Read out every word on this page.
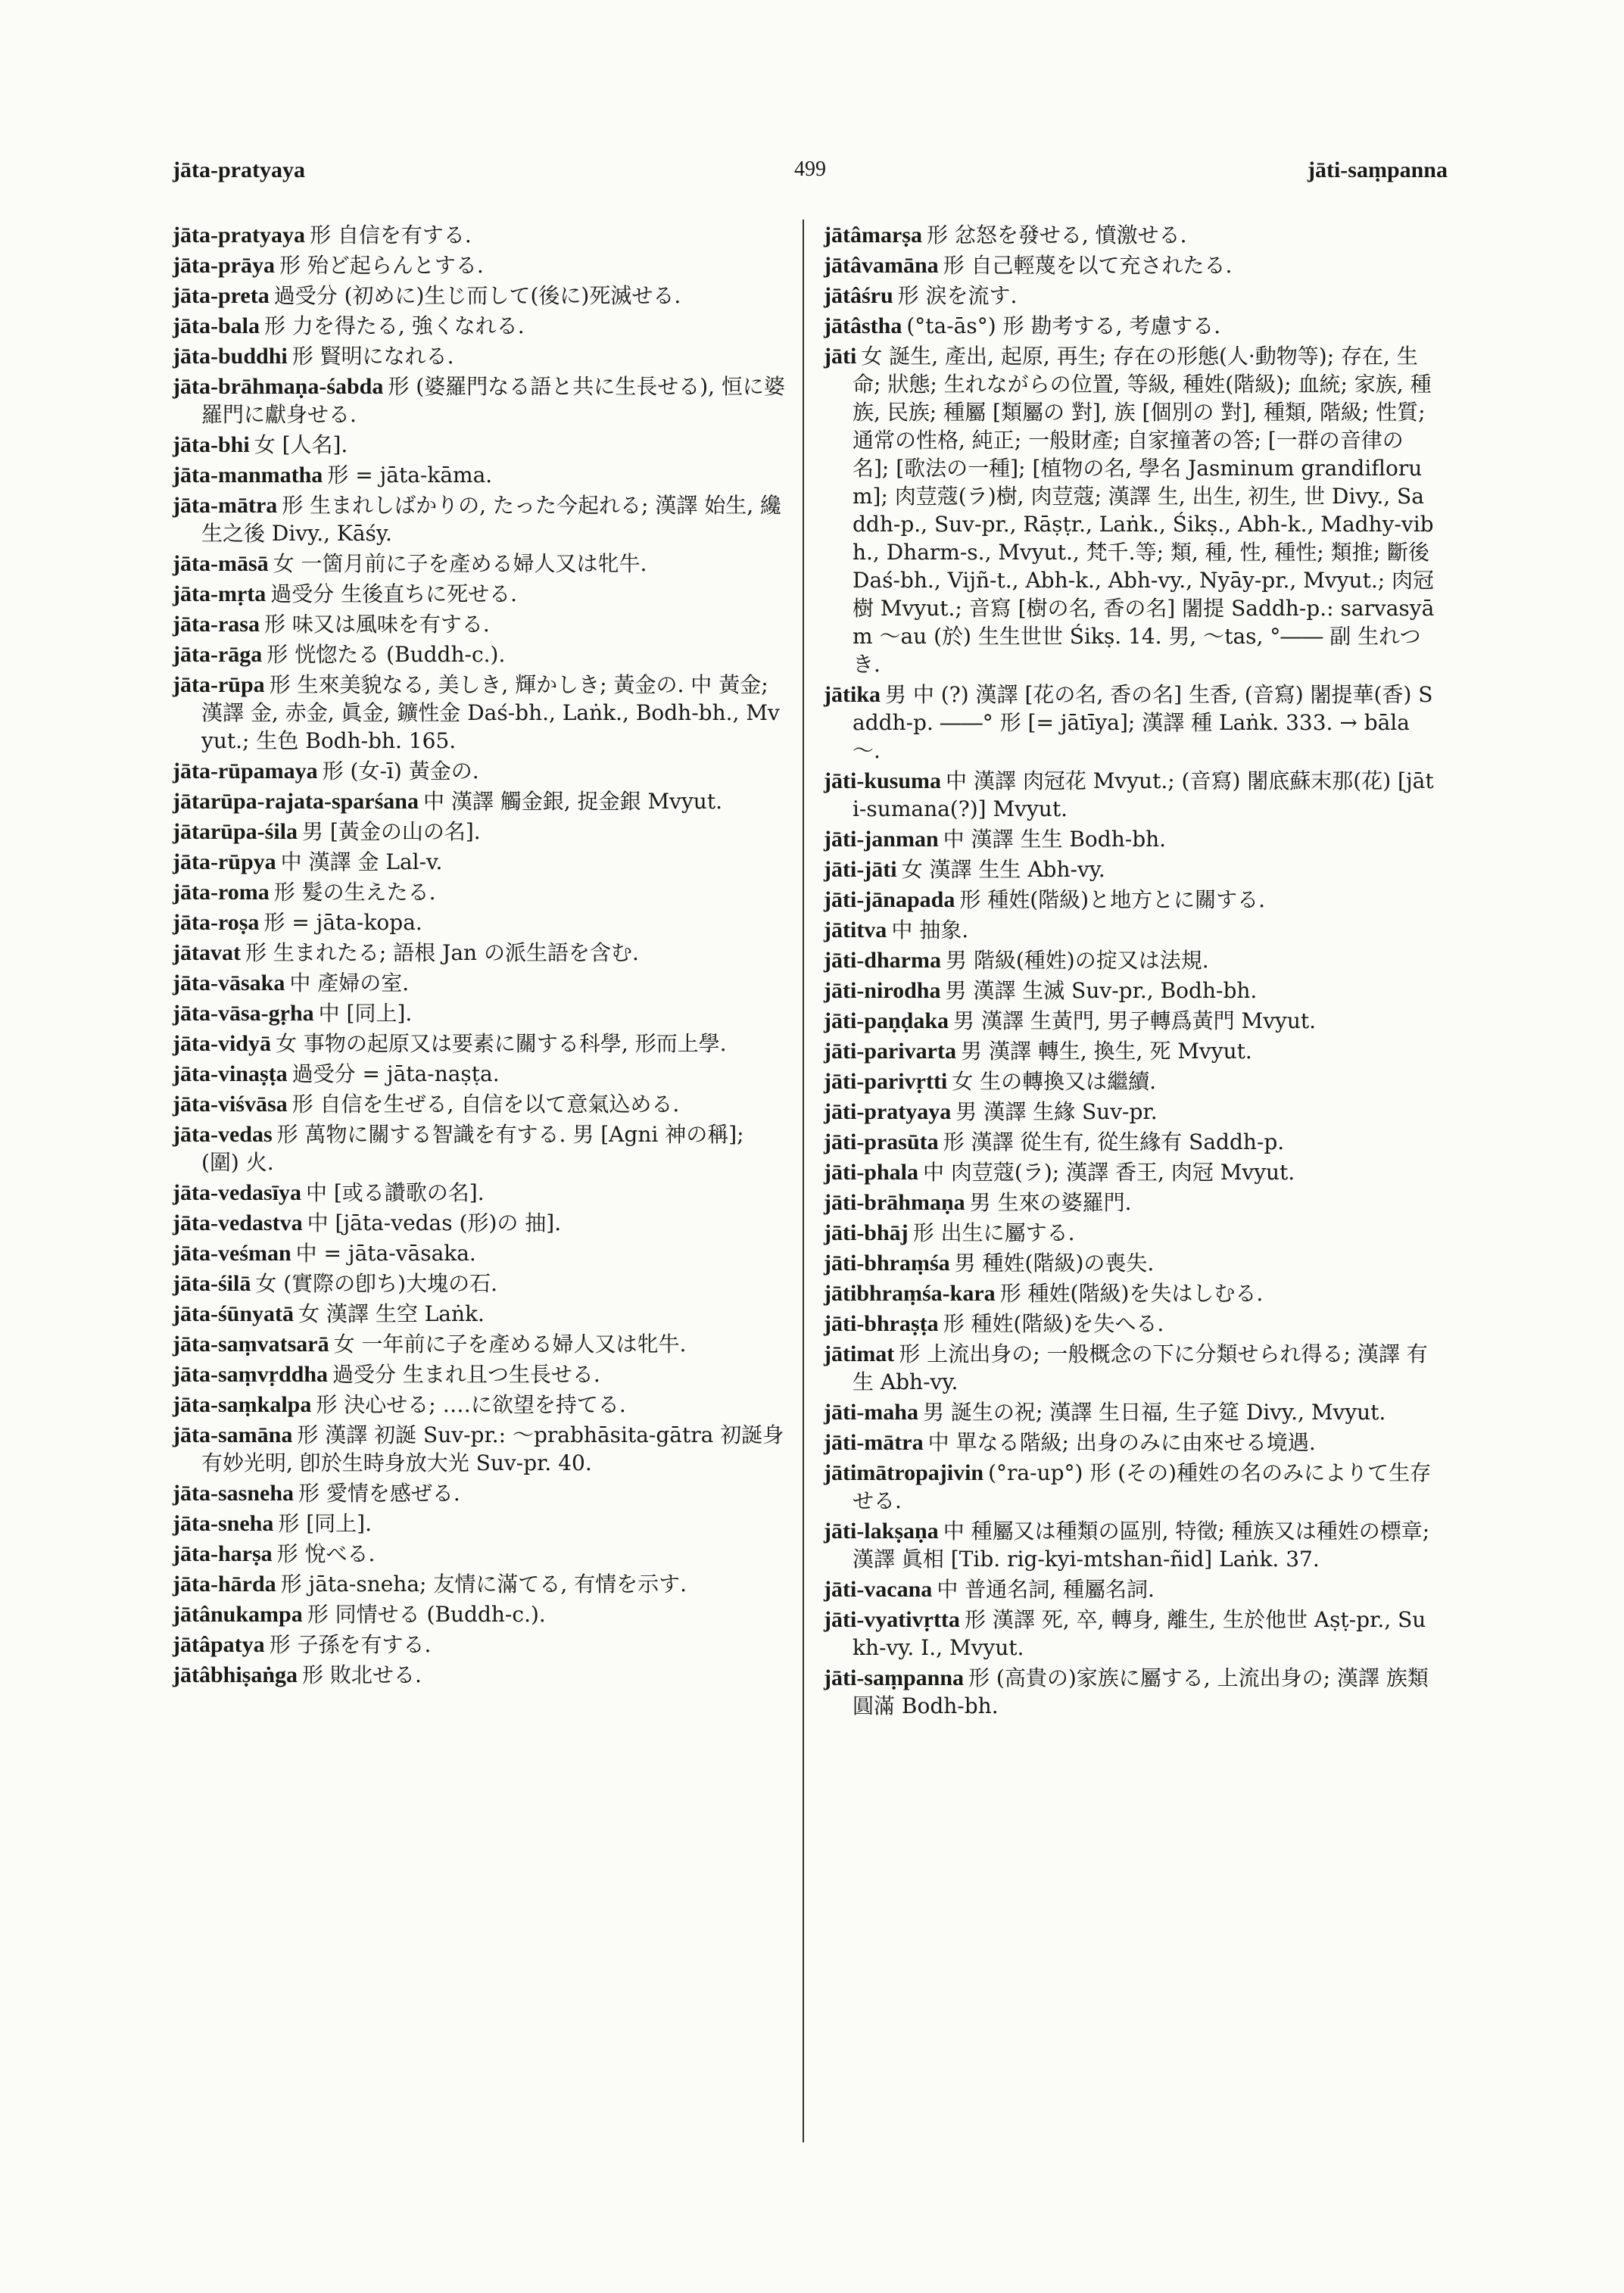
jāta-pratyaya	499	jāti-saṃpanna
jāta-pratyaya 形 自信を有する.
jāta-prāya 形 殆ど起らんとする.
jāta-preta 過受分 (初めに)生じ而して(後に)死滅せる.
jāta-bala 形 力を得たる, 強くなれる.
jāta-buddhi 形 賢明になれる.
jāta-brāhmaṇa-śabda 形 (婆羅門なる語と共に生長せる), 恒に婆羅門に獻身せる.
jāta-bhi 女 [人名].
jāta-manmatha 形 = jāta-kāma.
jāta-mātra 形 生まれしばかりの, たった今起れる; 漢譯 始生, 纔生之後 Divy., Kāśy.
jāta-māsā 女 一箇月前に子を產める婦人又は牝牛.
jāta-mṛta 過受分 生後直ちに死せる.
jāta-rasa 形 味又は風味を有する.
jāta-rāga 形 恍惚たる (Buddh-c.).
jāta-rūpa 形 生來美貌なる, 美しき, 輝かしき; 黃金の. 中 黃金; 漢譯 金, 赤金, 眞金, 鑛性金 Daś-bh., Laṅk., Bodh-bh., Mvyut.; 生色 Bodh-bh. 165.
jāta-rūpamaya 形 (女-ī) 黃金の.
jātarūpa-rajata-sparśana 中 漢譯 觸金銀, 捉金銀 Mvyut.
jātarūpa-śila 男 [黃金の山の名].
jāta-rūpya 中 漢譯 金 Lal-v.
jāta-roma 形 髮の生えたる.
jāta-roṣa 形 = jāta-kopa.
jātavat 形 生まれたる; 語根 Jan の派生語を含む.
jāta-vāsaka 中 產婦の室.
jāta-vāsa-gṛha 中 [同上].
jāta-vidyā 女 事物の起原又は要素に關する科學, 形而上學.
jāta-vinaṣṭa 過受分 = jāta-naṣṭa.
jāta-viśvāsa 形 自信を生ぜる, 自信を以て意氣込める.
jāta-vedas 形 萬物に關する智識を有する. 男 [Agni 神の稱]; (圍) 火.
jāta-vedasīya 中 [或る讚歌の名].
jāta-vedastva 中 [jāta-vedas (形)の 抽].
jāta-veśman 中 = jāta-vāsaka.
jāta-śilā 女 (實際の卽ち)大塊の石.
jāta-śūnyatā 女 漢譯 生空 Laṅk.
jāta-saṃvatsarā 女 一年前に子を產める婦人又は牝牛.
jāta-saṃvṛddha 過受分 生まれ且つ生長せる.
jāta-saṃkalpa 形 決心せる; ‥‥に欲望を持てる.
jāta-samāna 形 漢譯 初誕 Suv-pr.: ～prabhāsita-gātra 初誕身有妙光明, 卽於生時身放大光 Suv-pr. 40.
jāta-sasneha 形 愛情を感ぜる.
jāta-sneha 形 [同上].
jāta-harṣa 形 悅べる.
jāta-hārda 形 jāta-sneha; 友情に滿てる, 有情を示す.
jātânukampa 形 同情せる (Buddh-c.).
jātâpatya 形 子孫を有する.
jātâbhiṣaṅga 形 敗北せる.
jātâmarṣa 形 忿怒を發せる, 憤激せる.
jātâvamāna 形 自己輕蔑を以て充されたる.
jātâśru 形 涙を流す.
jātâstha (°ta-ās°) 形 勘考する, 考慮する.
jāti 女 誕生, 產出, 起原, 再生; 存在の形態(人·動物等); 存在, 生命; 狀態; 生れながらの位置, 等級, 種姓(階級); 血統; 家族, 種族, 民族; 種屬 [類屬の 對], 族 [個別の 對], 種類, 階級; 性質; 通常の性格, 純正; 一般財產; 自家撞著の答; [一群の音律の名]; [歌法の一種]; [植物の名, 學名 Jasminum grandiflorum]; 肉荳蔻(ラ)樹, 肉荳蔻; 漢譯 生, 出生, 初生, 世 Divy., Saddh-p., Suv-pr., Rāṣṭr., Laṅk., Śikṣ., Abh-k., Madhy-vibh., Dharm-s., Mvyut., 梵千.等; 類, 種, 性, 種性; 類推; 斷後 Daś-bh., Vijñ-t., Abh-k., Abh-vy., Nyāy-pr., Mvyut.; 肉冠樹 Mvyut.; 音寫 [樹の名, 香の名] 闍提 Saddh-p.: sarvasyām ～au (於) 生生世世 Śikṣ. 14. 男, ～tas, °―― 副 生れつき.
jātika 男 中 (?) 漢譯 [花の名, 香の名] 生香, (音寫) 闍提華(香) Saddh-p. ――° 形 [= jātīya]; 漢譯 種 Laṅk. 333. → bāla～.
jāti-kusuma 中 漢譯 肉冠花 Mvyut.; (音寫) 闍底蘇末那(花) [jāti-sumana(?)] Mvyut.
jāti-janman 中 漢譯 生生 Bodh-bh.
jāti-jāti 女 漢譯 生生 Abh-vy.
jāti-jānapada 形 種姓(階級)と地方とに關する.
jātitva 中 抽象.
jāti-dharma 男 階級(種姓)の掟又は法規.
jāti-nirodha 男 漢譯 生滅 Suv-pr., Bodh-bh.
jāti-paṇḍaka 男 漢譯 生黃門, 男子轉爲黃門 Mvyut.
jāti-parivarta 男 漢譯 轉生, 換生, 死 Mvyut.
jāti-parivṛtti 女 生の轉換又は繼續.
jāti-pratyaya 男 漢譯 生緣 Suv-pr.
jāti-prasūta 形 漢譯 從生有, 從生緣有 Saddh-p.
jāti-phala 中 肉荳蔻(ラ); 漢譯 香王, 肉冠 Mvyut.
jāti-brāhmaṇa 男 生來の婆羅門.
jāti-bhāj 形 出生に屬する.
jāti-bhraṃśa 男 種姓(階級)の喪失.
jātibhraṃśa-kara 形 種姓(階級)を失はしむる.
jāti-bhraṣṭa 形 種姓(階級)を失へる.
jātimat 形 上流出身の; 一般概念の下に分類せられ得る; 漢譯 有生 Abh-vy.
jāti-maha 男 誕生の祝; 漢譯 生日福, 生子筵 Divy., Mvyut.
jāti-mātra 中 單なる階級; 出身のみに由來せる境遇.
jātimātropajivin (°ra-up°) 形 (その)種姓の名のみによりて生存せる.
jāti-lakṣaṇa 中 種屬又は種類の區別, 特徵; 種族又は種姓の標章; 漢譯 眞相 [Tib. rig-kyi-mtshan-ñid] Laṅk. 37.
jāti-vacana 中 普通名詞, 種屬名詞.
jāti-vyativṛtta 形 漢譯 死, 卒, 轉身, 離生, 生於他世 Aṣṭ-pr., Sukh-vy. I., Mvyut.
jāti-saṃpanna 形 (高貴の)家族に屬する, 上流出身の; 漢譯 族類圓滿 Bodh-bh.
